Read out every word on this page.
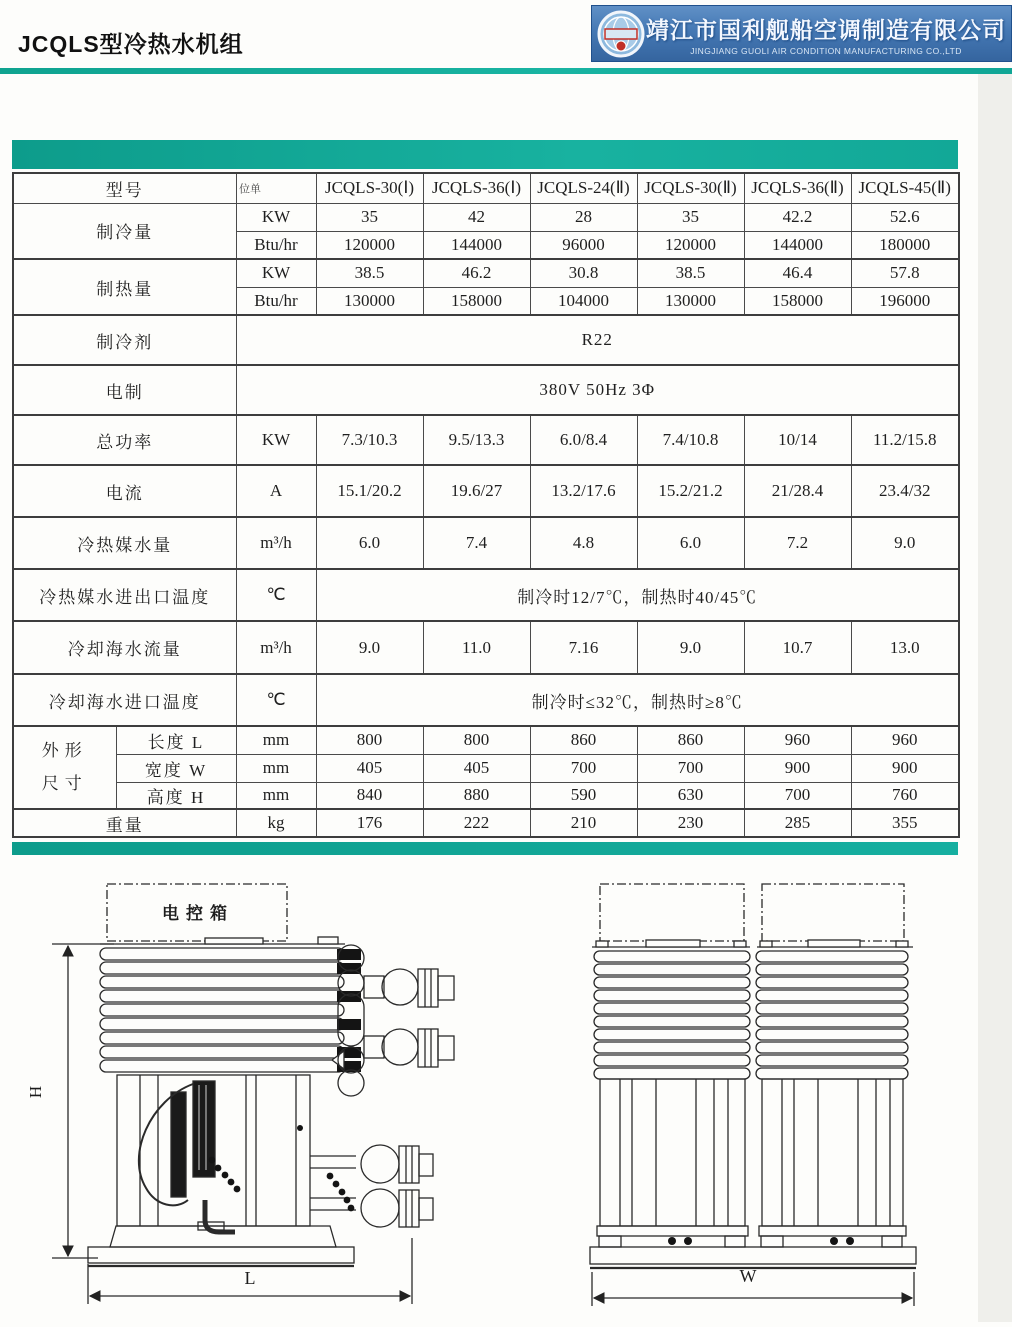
JCQLS型冷热水机组
靖江市国利舰船空调制造有限公司
JINGJIANG GUOLI AIR CONDITION MANUFACTURING CO.,LTD
型号		单位	JCQLS-30(Ⅰ)	JCQLS-36(Ⅰ)	JCQLS-24(Ⅱ)	JCQLS-30(Ⅱ)	JCQLS-36(Ⅱ)	JCQLS-45(Ⅱ)
制冷量		KW	35	42	28	35	42.2	52.6
		Btu/hr	120000	144000	96000	120000	144000	180000
制热量		KW	38.5	46.2	30.8	38.5	46.4	57.8
		Btu/hr	130000	158000	104000	130000	158000	196000
制冷剂		R22						
电制		380V 50Hz 3Φ						
总功率		KW	7.3/10.3	9.5/13.3	6.0/8.4	7.4/10.8	10/14	11.2/15.8
电流		A	15.1/20.2	19.6/27	13.2/17.6	15.2/21.2	21/28.4	23.4/32
冷热媒水量		m³/h	6.0	7.4	4.8	6.0	7.2	9.0
冷热媒水进出口温度		℃	制冷时12/7℃，制热时40/45℃					
冷却海水流量		m³/h	9.0	11.0	7.16	9.0	10.7	13.0
冷却海水进口温度		℃	制冷时≤32℃，制热时≥8℃					
外形尺寸	长度 L	mm	800	800	860	860	960	960
	宽度 W	mm	405	405	700	700	900	900
	高度 H	mm	840	880	590	630	700	760
重量		kg	176	222	210	230	285	355
电控箱
H
L	W
